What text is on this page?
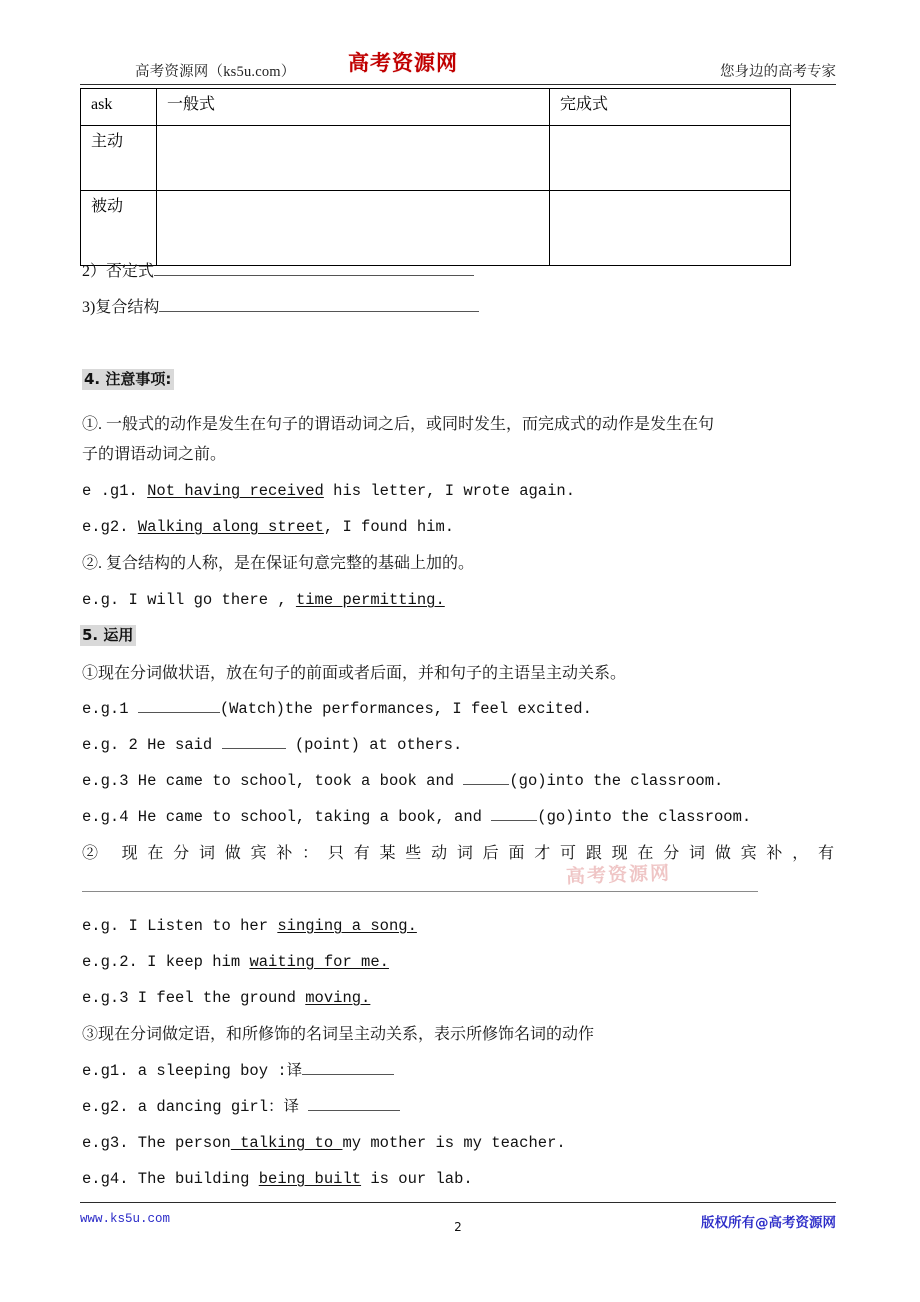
高考资源网（ks5u.com）	高考资源网	您身边的高考专家
ask	一般式	完成式
主动		
被动		
2）否定式
3)复合结构
4. 注意事项:
①. 一般式的动作是发生在句子的谓语动词之后，或同时发生，而完成式的动作是发生在句
子的谓语动词之前。
e .g1. Not having received his letter, I wrote again.
e.g2. Walking along street, I found him.
②. 复合结构的人称，是在保证句意完整的基础上加的。
e.g. I will go there , time permitting.
5. 运用
①现在分词做状语，放在句子的前面或者后面，并和句子的主语呈主动关系。
e.g.1	(Watch)the performances, I feel excited.
e.g. 2 He said	(point) at others.
e.g.3 He came to school, took a book and	(go)into the classroom.
e.g.4 He came to school, taking a book, and	(go)into the classroom.
② 现在分词做宾补：只有某些动词后面才可跟现在分词做宾补，有
高考资源网
e.g. I Listen to her singing a song.
e.g.2. I keep him waiting for me.
e.g.3 I feel the ground moving.
③现在分词做定语，和所修饰的名词呈主动关系，表示所修饰名词的动作
e.g1. a sleeping boy :译
e.g2. a dancing girl：译
e.g3. The person talking to my mother is my teacher.
e.g4. The building being built is our lab.
www.ks5u.com
2	版权所有@高考资源网
